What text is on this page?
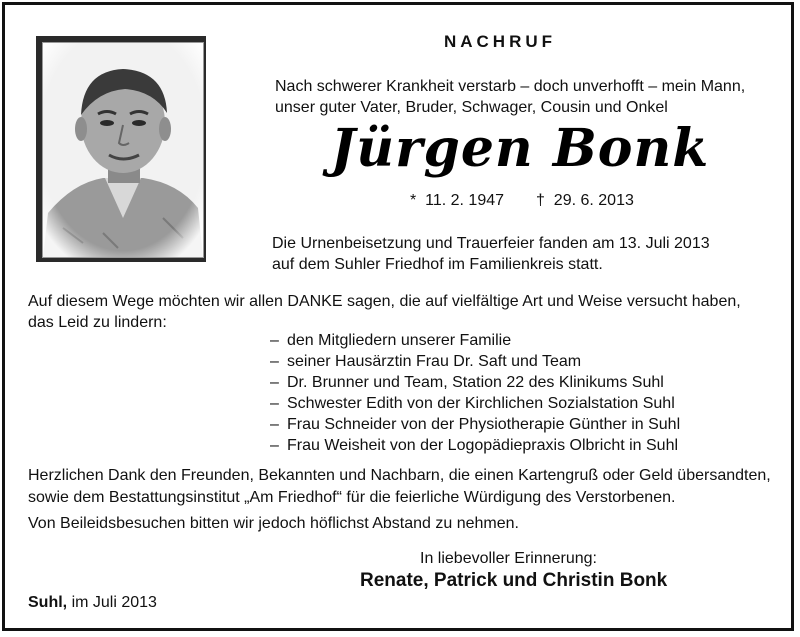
NACHRUF
Nach schwerer Krankheit verstarb – doch unverhofft – mein Mann,
unser guter Vater, Bruder, Schwager, Cousin und Onkel
Jürgen Bonk
* 11. 2. 1947 † 29. 6. 2013
Die Urnenbeisetzung und Trauerfeier fanden am 13. Juli 2013
auf dem Suhler Friedhof im Familienkreis statt.
Auf diesem Wege möchten wir allen DANKE sagen, die auf vielfältige Art und Weise versucht haben,
das Leid zu lindern:
– den Mitgliedern unserer Familie
– seiner Hausärztin Frau Dr. Saft und Team
– Dr. Brunner und Team, Station 22 des Klinikums Suhl
– Schwester Edith von der Kirchlichen Sozialstation Suhl
– Frau Schneider von der Physiotherapie Günther in Suhl
– Frau Weisheit von der Logopädiepraxis Olbricht in Suhl
Herzlichen Dank den Freunden, Bekannten und Nachbarn, die einen Kartengruß oder Geld übersandten,
sowie dem Bestattungsinstitut „Am Friedhof“ für die feierliche Würdigung des Verstorbenen.
Von Beileidsbesuchen bitten wir jedoch höflichst Abstand zu nehmen.
In liebevoller Erinnerung:
Renate, Patrick und Christin Bonk
Suhl, im Juli 2013
